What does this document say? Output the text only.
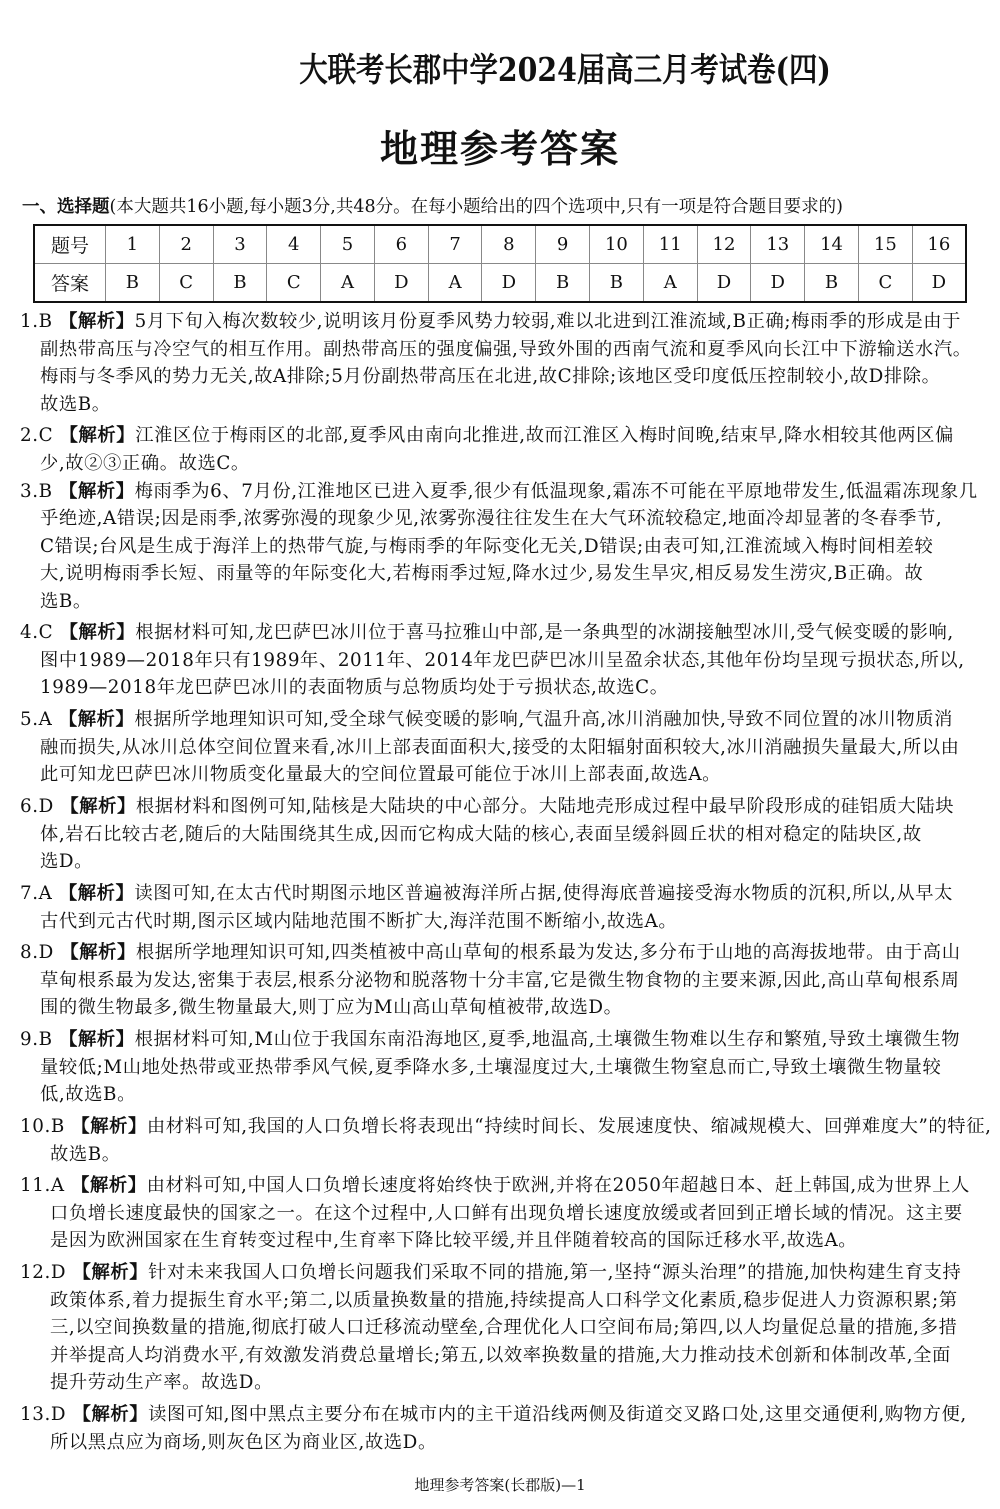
大联考长郡中学2024届高三月考试卷(四)
地理参考答案
一、选择题(本大题共16小题,每小题3分,共48分。在每小题给出的四个选项中,只有一项是符合题目要求的)
题号	1	2	3	4	5	6	7	8	9	10	11	12	13	14	15	16
答案	B	C	B	C	A	D	A	D	B	B	A	D	D	B	C	D
1.B 【解析】5月下旬入梅次数较少,说明该月份夏季风势力较弱,难以北进到江淮流域,B正确;梅雨季的形成是由于
副热带高压与冷空气的相互作用。副热带高压的强度偏强,导致外围的西南气流和夏季风向长江中下游输送水汽。
梅雨与冬季风的势力无关,故A排除;5月份副热带高压在北进,故C排除;该地区受印度低压控制较小,故D排除。
故选B。
2.C 【解析】江淮区位于梅雨区的北部,夏季风由南向北推进,故而江淮区入梅时间晚,结束早,降水相较其他两区偏
少,故②③正确。故选C。
3.B 【解析】梅雨季为6、7月份,江淮地区已进入夏季,很少有低温现象,霜冻不可能在平原地带发生,低温霜冻现象几
乎绝迹,A错误;因是雨季,浓雾弥漫的现象少见,浓雾弥漫往往发生在大气环流较稳定,地面冷却显著的冬春季节,
C错误;台风是生成于海洋上的热带气旋,与梅雨季的年际变化无关,D错误;由表可知,江淮流域入梅时间相差较
大,说明梅雨季长短、雨量等的年际变化大,若梅雨季过短,降水过少,易发生旱灾,相反易发生涝灾,B正确。故
选B。
4.C 【解析】根据材料可知,龙巴萨巴冰川位于喜马拉雅山中部,是一条典型的冰湖接触型冰川,受气候变暖的影响,
图中1989—2018年只有1989年、2011年、2014年龙巴萨巴冰川呈盈余状态,其他年份均呈现亏损状态,所以,
1989—2018年龙巴萨巴冰川的表面物质与总物质均处于亏损状态,故选C。
5.A 【解析】根据所学地理知识可知,受全球气候变暖的影响,气温升高,冰川消融加快,导致不同位置的冰川物质消
融而损失,从冰川总体空间位置来看,冰川上部表面面积大,接受的太阳辐射面积较大,冰川消融损失量最大,所以由
此可知龙巴萨巴冰川物质变化量最大的空间位置最可能位于冰川上部表面,故选A。
6.D 【解析】根据材料和图例可知,陆核是大陆块的中心部分。大陆地壳形成过程中最早阶段形成的硅铝质大陆块
体,岩石比较古老,随后的大陆围绕其生成,因而它构成大陆的核心,表面呈缓斜圆丘状的相对稳定的陆块区,故
选D。
7.A 【解析】读图可知,在太古代时期图示地区普遍被海洋所占据,使得海底普遍接受海水物质的沉积,所以,从早太
古代到元古代时期,图示区域内陆地范围不断扩大,海洋范围不断缩小,故选A。
8.D 【解析】根据所学地理知识可知,四类植被中高山草甸的根系最为发达,多分布于山地的高海拔地带。由于高山
草甸根系最为发达,密集于表层,根系分泌物和脱落物十分丰富,它是微生物食物的主要来源,因此,高山草甸根系周
围的微生物最多,微生物量最大,则丁应为M山高山草甸植被带,故选D。
9.B 【解析】根据材料可知,M山位于我国东南沿海地区,夏季,地温高,土壤微生物难以生存和繁殖,导致土壤微生物
量较低;M山地处热带或亚热带季风气候,夏季降水多,土壤湿度过大,土壤微生物窒息而亡,导致土壤微生物量较
低,故选B。
10.B 【解析】由材料可知,我国的人口负增长将表现出“持续时间长、发展速度快、缩减规模大、回弹难度大”的特征,
故选B。
11.A 【解析】由材料可知,中国人口负增长速度将始终快于欧洲,并将在2050年超越日本、赶上韩国,成为世界上人
口负增长速度最快的国家之一。在这个过程中,人口鲜有出现负增长速度放缓或者回到正增长域的情况。这主要
是因为欧洲国家在生育转变过程中,生育率下降比较平缓,并且伴随着较高的国际迁移水平,故选A。
12.D 【解析】针对未来我国人口负增长问题我们采取不同的措施,第一,坚持“源头治理”的措施,加快构建生育支持
政策体系,着力提振生育水平;第二,以质量换数量的措施,持续提高人口科学文化素质,稳步促进人力资源积累;第
三,以空间换数量的措施,彻底打破人口迁移流动壁垒,合理优化人口空间布局;第四,以人均量促总量的措施,多措
并举提高人均消费水平,有效激发消费总量增长;第五,以效率换数量的措施,大力推动技术创新和体制改革,全面
提升劳动生产率。故选D。
13.D 【解析】读图可知,图中黑点主要分布在城市内的主干道沿线两侧及街道交叉路口处,这里交通便利,购物方便,
所以黑点应为商场,则灰色区为商业区,故选D。
地理参考答案(长郡版)—1
